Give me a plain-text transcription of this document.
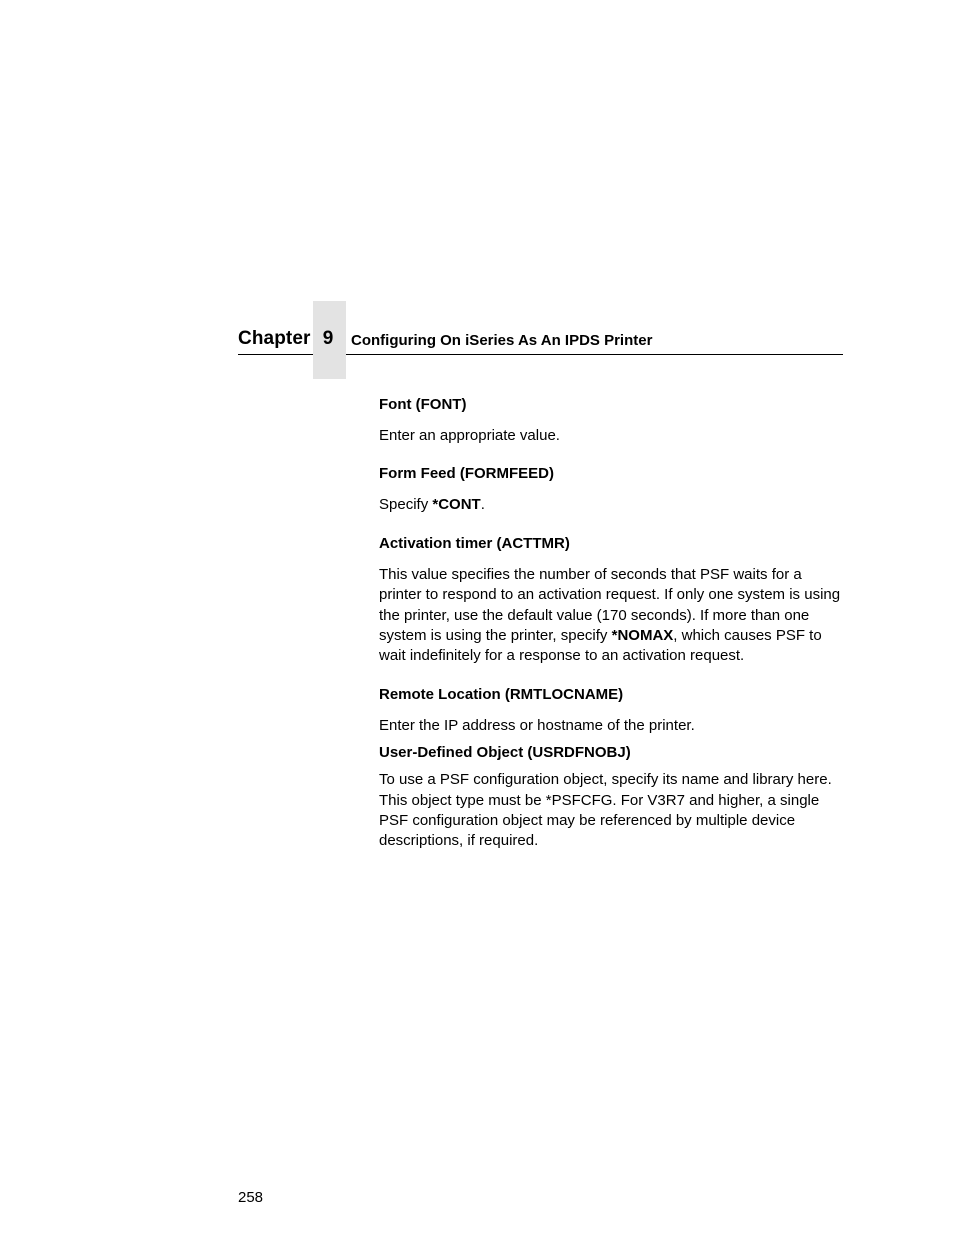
Chapter 9	Configuring On iSeries As An IPDS Printer
Font (FONT)

Enter an appropriate value.

Form Feed (FORMFEED)

Specify *CONT.

Activation timer (ACTTMR)

This value specifies the number of seconds that PSF waits for a printer to respond to an activation request. If only one system is using the printer, use the default value (170 seconds). If more than one system is using the printer, specify *NOMAX, which causes PSF to wait indefinitely for a response to an activation request.

Remote Location (RMTLOCNAME)

Enter the IP address or hostname of the printer.

User-Defined Object (USRDFNOBJ)

To use a PSF configuration object, specify its name and library here. This object type must be *PSFCFG. For V3R7 and higher, a single PSF configuration object may be referenced by multiple device descriptions, if required.

258
